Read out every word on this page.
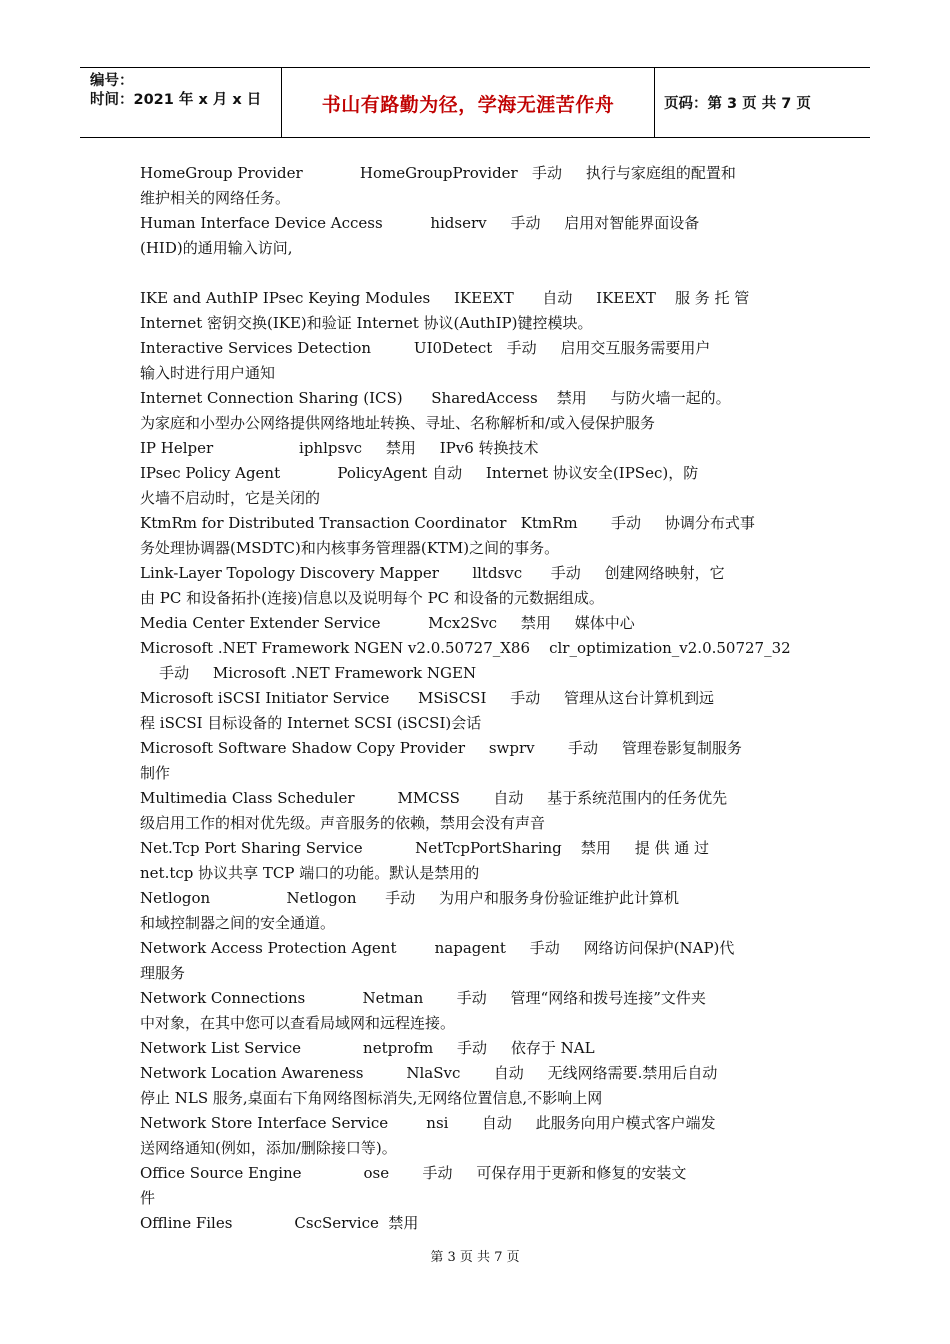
编号：
时间：2021 年 x 月 x 日	书山有路勤为径，学海无涯苦作舟	页码：第 3 页 共 7 页
HomeGroup Provider            HomeGroupProvider   手动     执行与家庭组的配置和
维护相关的网络任务。
Human Interface Device Access          hidserv     手动     启用对智能界面设备
(HID)的通用输入访问,
IKE and AuthIP IPsec Keying Modules     IKEEXT      自动     IKEEXT    服 务 托 管
Internet 密钥交换(IKE)和验证 Internet 协议(AuthIP)键控模块。
Interactive Services Detection         UI0Detect   手动     启用交互服务需要用户
输入时进行用户通知
Internet Connection Sharing (ICS)      SharedAccess    禁用     与防火墙一起的。
为家庭和小型办公网络提供网络地址转换、寻址、名称解析和/或入侵保护服务
IP Helper                  iphlpsvc     禁用     IPv6 转换技术
IPsec Policy Agent            PolicyAgent 自动     Internet 协议安全(IPSec)，防
火墙不启动时，它是关闭的
KtmRm for Distributed Transaction Coordinator   KtmRm       手动     协调分布式事
务处理协调器(MSDTC)和内核事务管理器(KTM)之间的事务。
Link-Layer Topology Discovery Mapper       lltdsvc      手动     创建网络映射，它
由 PC 和设备拓扑(连接)信息以及说明每个 PC 和设备的元数据组成。
Media Center Extender Service          Mcx2Svc     禁用     媒体中心
Microsoft .NET Framework NGEN v2.0.50727_X86    clr_optimization_v2.0.50727_32
手动     Microsoft .NET Framework NGEN
Microsoft iSCSI Initiator Service      MSiSCSI     手动     管理从这台计算机到远
程 iSCSI 目标设备的 Internet SCSI (iSCSI)会话
Microsoft Software Shadow Copy Provider     swprv       手动     管理卷影复制服务
制作
Multimedia Class Scheduler         MMCSS       自动     基于系统范围内的任务优先
级启用工作的相对优先级。声音服务的依赖，禁用会没有声音
Net.Tcp Port Sharing Service           NetTcpPortSharing    禁用     提 供 通 过
net.tcp 协议共享 TCP 端口的功能。默认是禁用的
Netlogon                Netlogon      手动     为用户和服务身份验证维护此计算机
和域控制器之间的安全通道。
Network Access Protection Agent        napagent     手动     网络访问保护(NAP)代
理服务
Network Connections            Netman       手动     管理“网络和拨号连接”文件夹
中对象，在其中您可以查看局域网和远程连接。
Network List Service             netprofm     手动     依存于 NAL
Network Location Awareness         NlaSvc       自动     无线网络需要.禁用后自动
停止 NLS 服务,桌面右下角网络图标消失,无网络位置信息,不影响上网
Network Store Interface Service        nsi       自动     此服务向用户模式客户端发
送网络通知(例如，添加/删除接口等)。
Office Source Engine             ose       手动     可保存用于更新和修复的安装文
件
Offline Files             CscService  禁用
第 3 页 共 7 页
